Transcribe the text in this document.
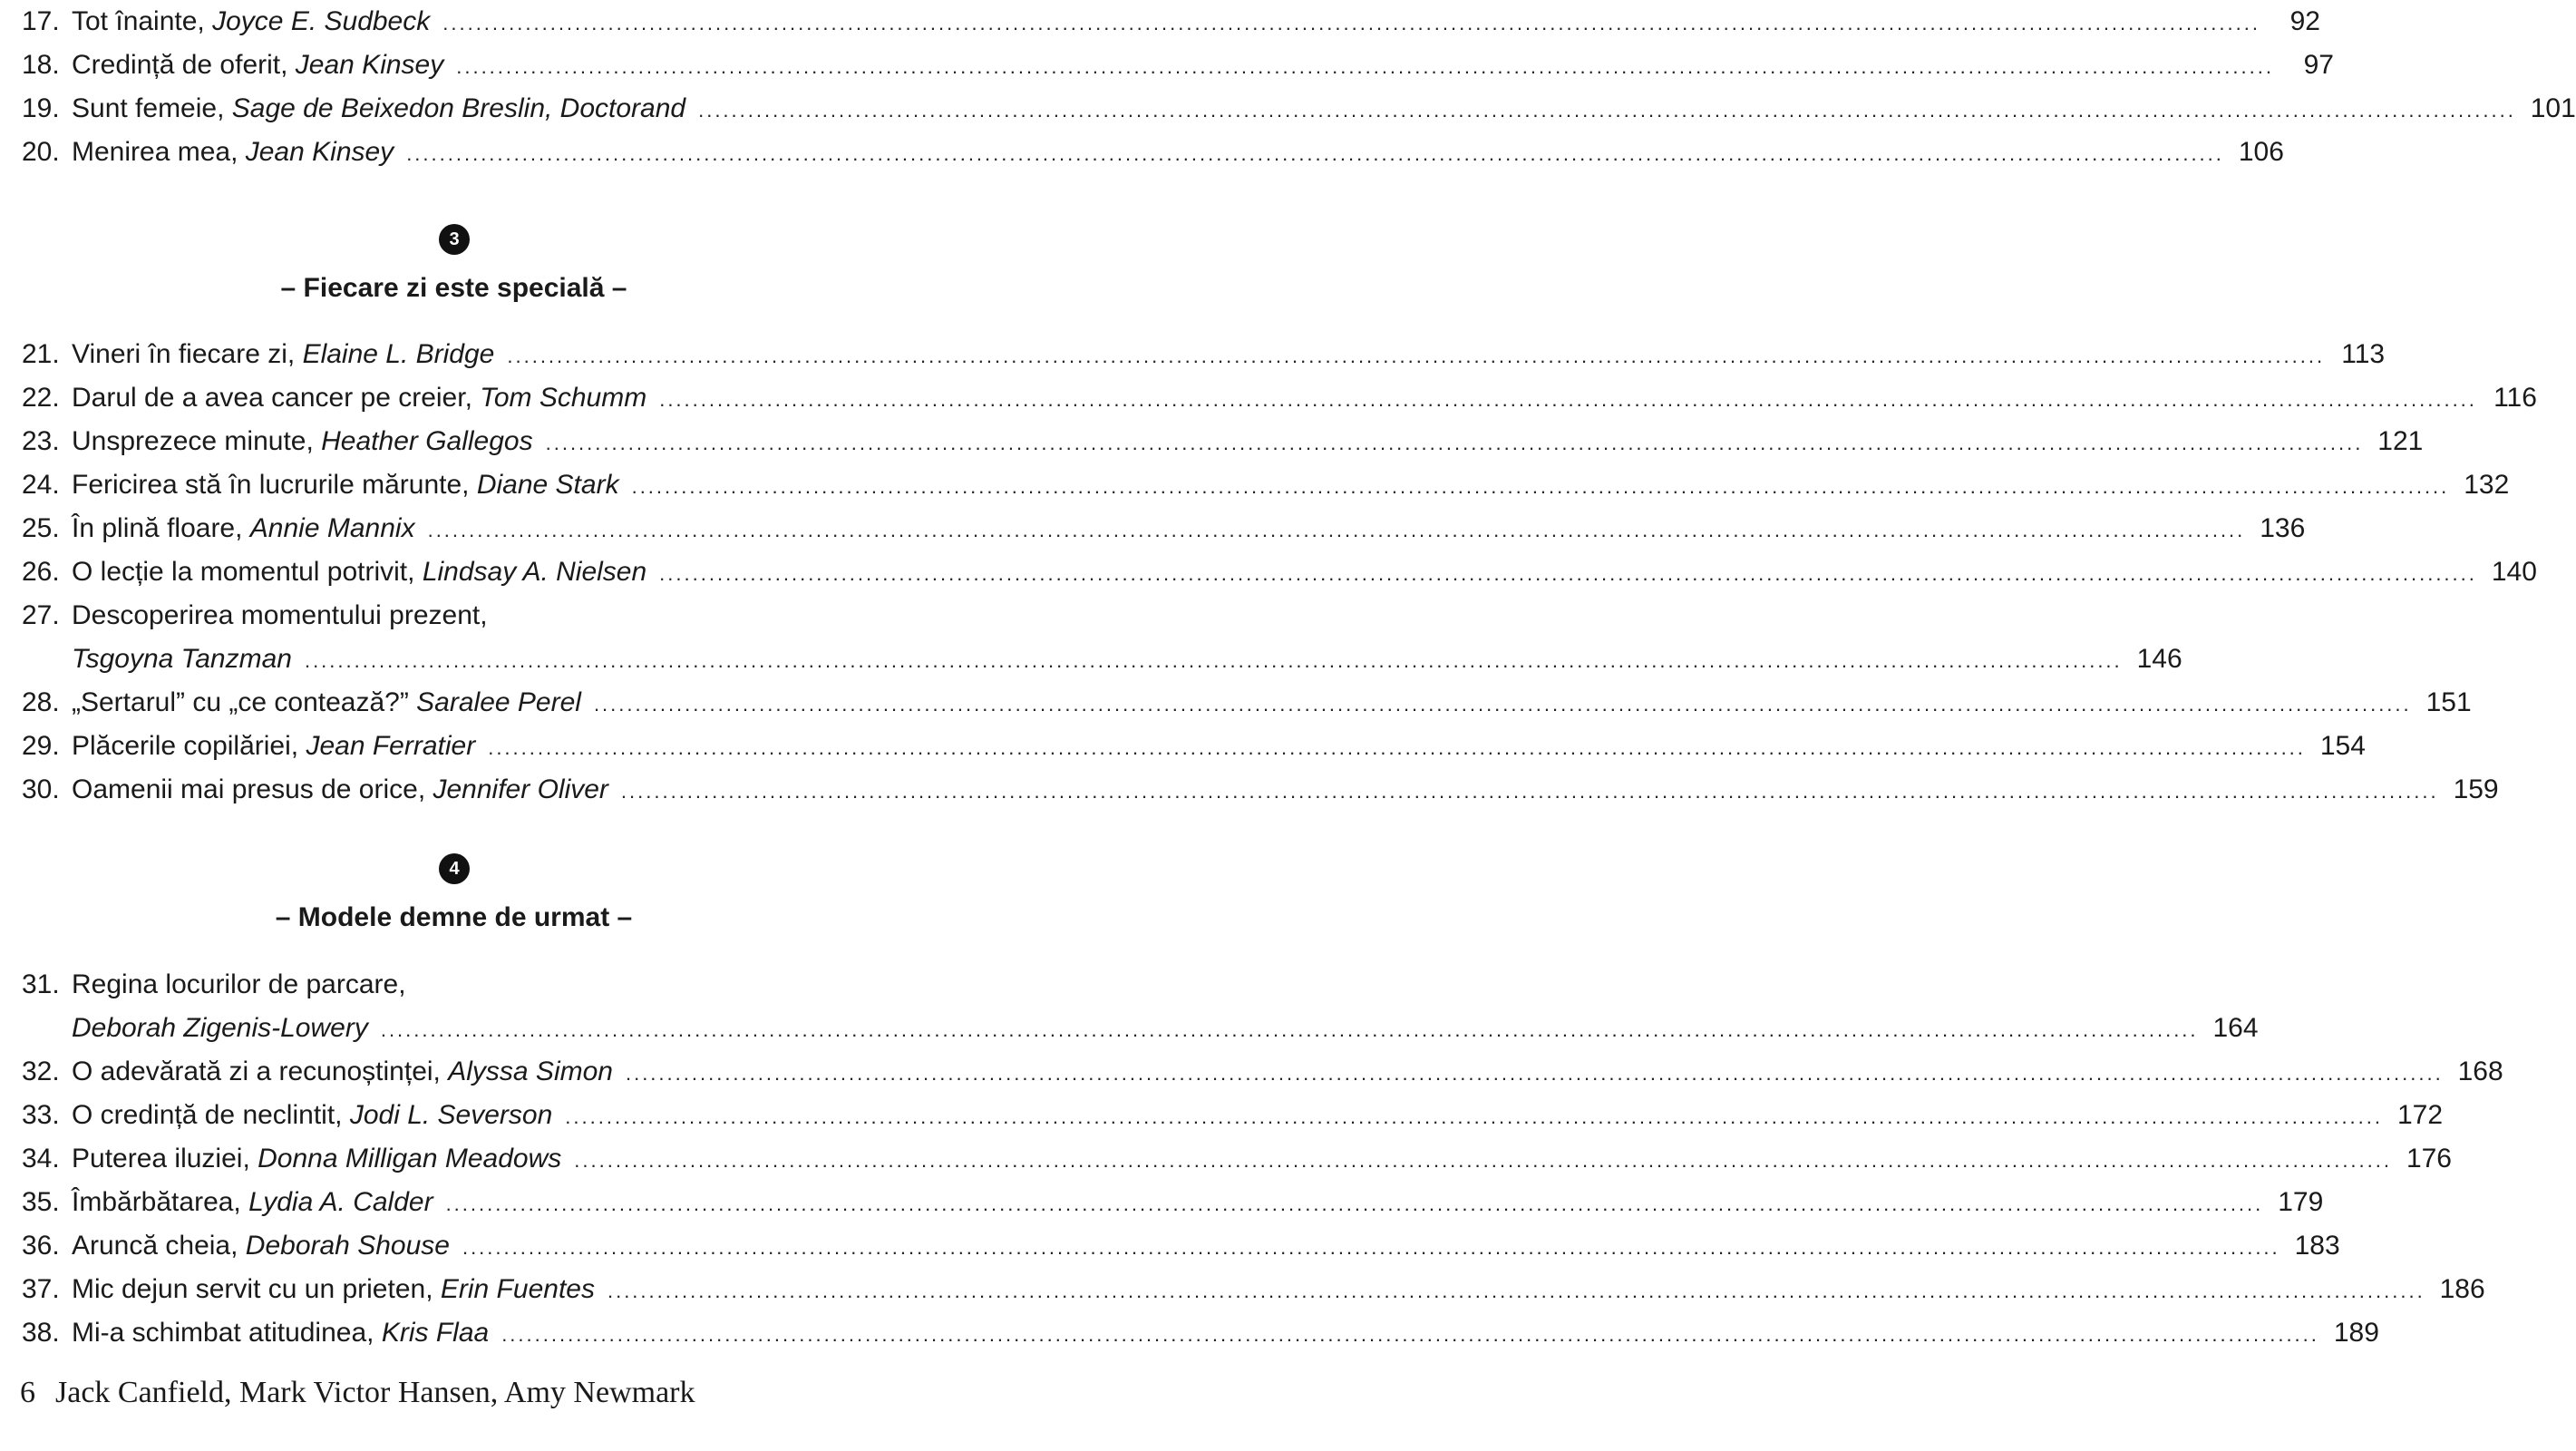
17. Tot înainte, Joyce E. Sudbeck ............................................................................................................................................................................................................................	92
18. Credință de oferit, Jean Kinsey ............................................................................................................................................................................................................................	97
19. Sunt femeie, Sage de Beixedon Breslin, Doctorand ............................................................................................................................................................................................................................ 101
20. Menirea mea, Jean Kinsey ............................................................................................................................................................................................................................ 106
3
– Fiecare zi este specială –
21. Vineri în fiecare zi, Elaine L. Bridge ............................................................................................................................................................................................................................ 113
22. Darul de a avea cancer pe creier, Tom Schumm ............................................................................................................................................................................................................................ 116
23. Unsprezece minute, Heather Gallegos ............................................................................................................................................................................................................................ 121
24. Fericirea stă în lucrurile mărunte, Diane Stark ............................................................................................................................................................................................................................ 132
25. În plină floare, Annie Mannix ............................................................................................................................................................................................................................ 136
26. O lecție la momentul potrivit, Lindsay A. Nielsen ............................................................................................................................................................................................................................ 140
27. Descoperirea momentului prezent,
Tsgoyna Tanzman ............................................................................................................................................................................................................................ 146
28. „Sertarul” cu „ce contează?” Saralee Perel ............................................................................................................................................................................................................................ 151
29. Plăcerile copilăriei, Jean Ferratier ............................................................................................................................................................................................................................ 154
30. Oamenii mai presus de orice, Jennifer Oliver ............................................................................................................................................................................................................................ 159
4
– Modele demne de urmat –
31. Regina locurilor de parcare,
Deborah Zigenis-Lowery ............................................................................................................................................................................................................................ 164
32. O adevărată zi a recunoștinței, Alyssa Simon ............................................................................................................................................................................................................................ 168
33. O credință de neclintit, Jodi L. Severson ............................................................................................................................................................................................................................ 172
34. Puterea iluziei, Donna Milligan Meadows ............................................................................................................................................................................................................................ 176
35. Îmbărbătarea, Lydia A. Calder ............................................................................................................................................................................................................................ 179
36. Aruncă cheia, Deborah Shouse ............................................................................................................................................................................................................................ 183
37. Mic dejun servit cu un prieten, Erin Fuentes ............................................................................................................................................................................................................................ 186
38. Mi-a schimbat atitudinea, Kris Flaa ............................................................................................................................................................................................................................ 189
6 Jack Canfield, Mark Victor Hansen, Amy Newmark
